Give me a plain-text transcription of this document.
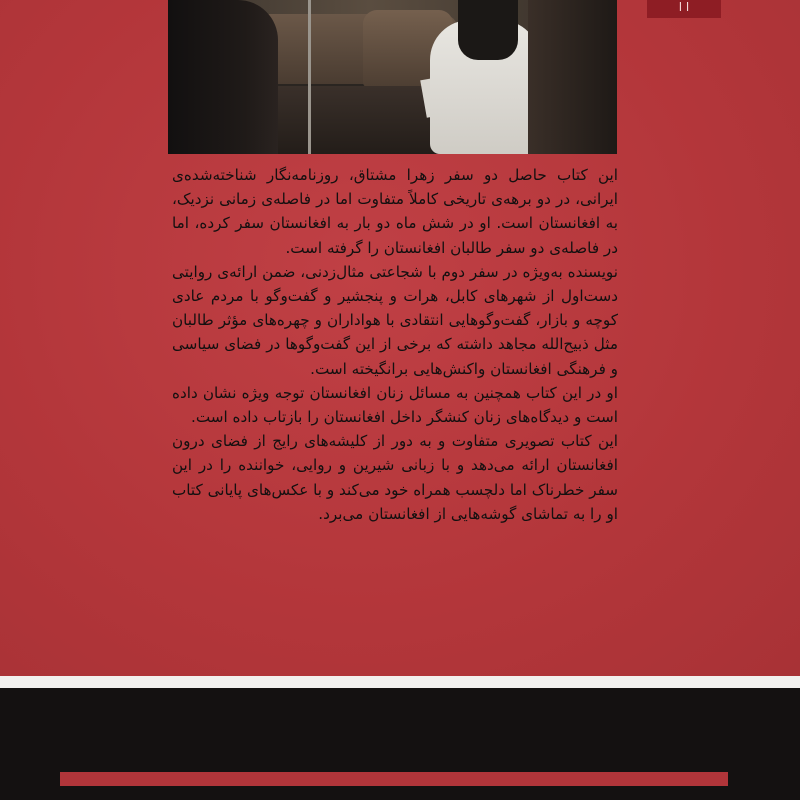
ا ا

این کتاب حاصل دو سفر زهرا مشتاق، روزنامه‌نگار شناخته‌شده‌ی ایرانی، در دو برهه‌ی تاریخی کاملاً متفاوت اما در فاصله‌ی زمانی نزدیک، به افغانستان است. او در شش ماه دو بار به افغانستان سفر کرده، اما در فاصله‌ی دو سفر طالبان افغانستان را گرفته است.

نویسنده به‌ویژه در سفر دوم با شجاعتی مثال‌زدنی، ضمن ارائه‌ی روایتی دست‌اول از شهرهای کابل، هرات و پنجشیر و گفت‌وگو با مردم عادی کوچه و بازار، گفت‌وگوهایی انتقادی با هواداران و چهره‌های مؤثر طالبان مثل ذبیح‌الله مجاهد داشته که برخی از این گفت‌وگوها در فضای سیاسی و فرهنگی افغانستان واکنش‌هایی برانگیخته است.

او در این کتاب همچنین به مسائل زنان افغانستان توجه ویژه نشان داده است و دیدگاه‌های زنان کنشگر داخل افغانستان را بازتاب داده است.

این کتاب تصویری متفاوت و به دور از کلیشه‌های رایج از فضای درون افغانستان ارائه می‌دهد و با زبانی شیرین و روایی، خواننده را در این سفر خطرناک اما دلچسب همراه خود می‌کند و با عکس‌های پایانی کتاب او را به تماشای گوشه‌هایی از افغانستان می‌برد.
